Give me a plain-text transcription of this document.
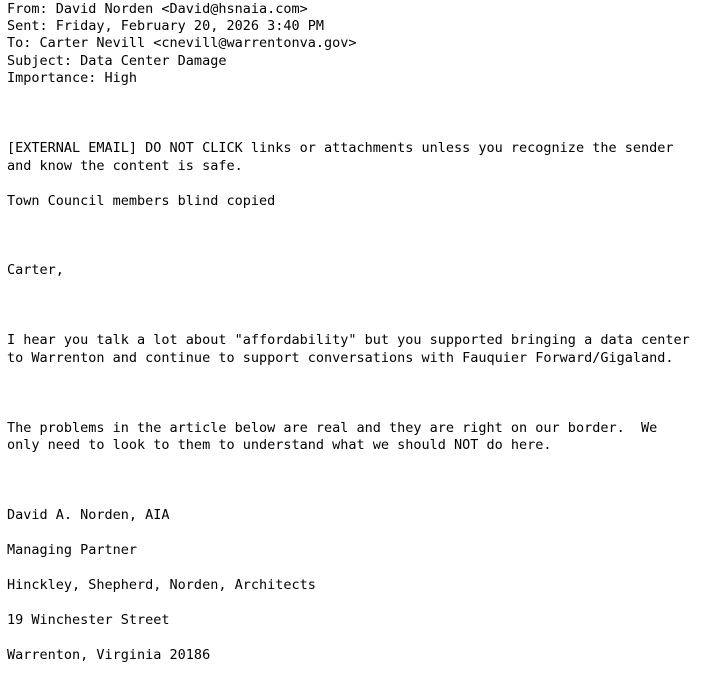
From: David Norden <David@hsnaia.com>
Sent: Friday, February 20, 2026 3:40 PM
To: Carter Nevill <cnevill@warrentonva.gov>
Subject: Data Center Damage
Importance: High
[EXTERNAL EMAIL] DO NOT CLICK links or attachments unless you recognize the sender
and know the content is safe.
Town Council members blind copied
Carter,
I hear you talk a lot about "affordability" but you supported bringing a data center
to Warrenton and continue to support conversations with Fauquier Forward/Gigaland.
The problems in the article below are real and they are right on our border.  We
only need to look to them to understand what we should NOT do here.
David A. Norden, AIA
Managing Partner
Hinckley, Shepherd, Norden, Architects
19 Winchester Street
Warrenton, Virginia 20186
